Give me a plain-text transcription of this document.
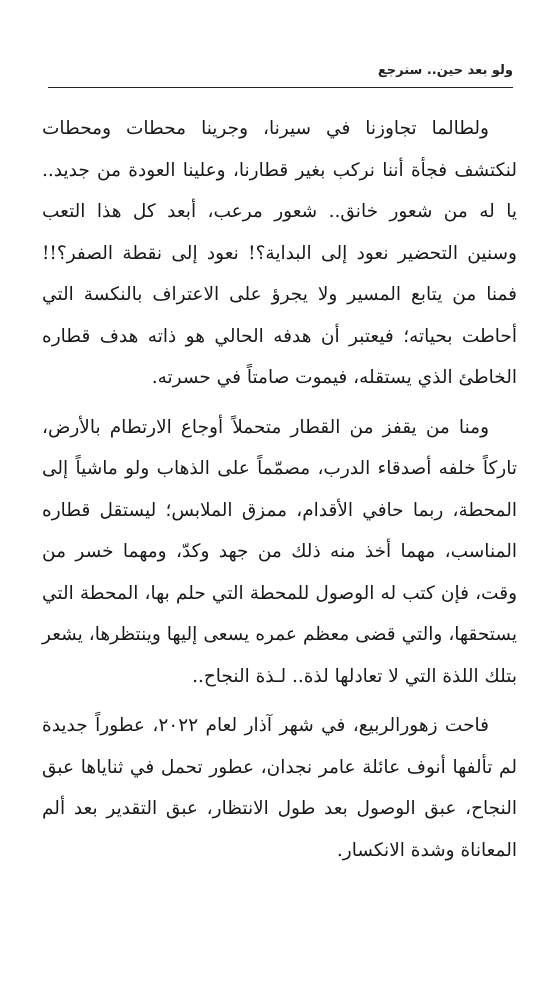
ولو بعد حين.. سنرجع

ولطالما تجاوزنا في سيرنا، وجرينا محطات ومحطات لنكتشف فجأة أننا نركب بغير قطارنا، وعلينا العودة من جديد.. يا له من شعور خانق.. شعور مرعب، أبعد كل هذا التعب وسنين التحضير نعود إلى البداية؟! نعود إلى نقطة الصفر؟!! فمنا من يتابع المسير ولا يجرؤ على الاعتراف بالنكسة التي أحاطت بحياته؛ فيعتبر أن هدفه الحالي هو ذاته هدف قطاره الخاطئ الذي يستقله، فيموت صامتاً في حسرته.

ومنا من يقفز من القطار متحملاً أوجاع الارتطام بالأرض، تاركاً خلفه أصدقاء الدرب، مصمّماً على الذهاب ولو ماشياً إلى المحطة، ربما حافي الأقدام، ممزق الملابس؛ ليستقل قطاره المناسب، مهما أخذ منه ذلك من جهد وكدّ، ومهما خسر من وقت، فإن كتب له الوصول للمحطة التي حلم بها، المحطة التي يستحقها، والتي قضى معظم عمره يسعى إليها وينتظرها، يشعر بتلك اللذة التي لا تعادلها لذة.. لـذة النجاح..

فاحت زهورالربيع، في شهر آذار لعام ٢٠٢٢، عطوراً جديدة لم تألفها أنوف عائلة عامر نجدان، عطور تحمل في ثناياها عبق النجاح، عبق الوصول بعد طول الانتظار، عبق التقدير بعد ألم المعاناة وشدة الانكسار.
